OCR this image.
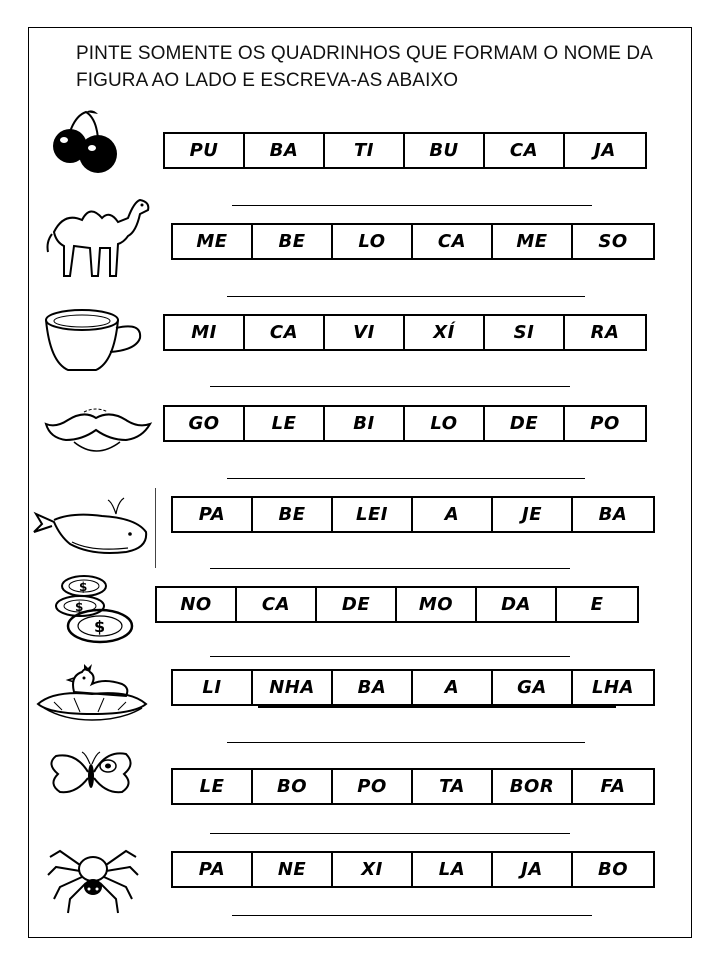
PINTE SOMENTE OS QUADRINHOS QUE FORMAM O NOME DA FIGURA AO LADO E ESCREVA-AS ABAIXO
PU	BA	TI	BU	CA	JA
ME	BE	LO	CA	ME	SO
MI	CA	VI	XÍ	SI	RA
GO	LE	BI	LO	DE	PO
PA	BE	LEI	A	JE	BA
$
$
$
NO	CA	DE	MO	DA	E
LI	NHA	BA	A	GA	LHA
LE	BO	PO	TA	BOR	FA
PA	NE	XI	LA	JA	BO
